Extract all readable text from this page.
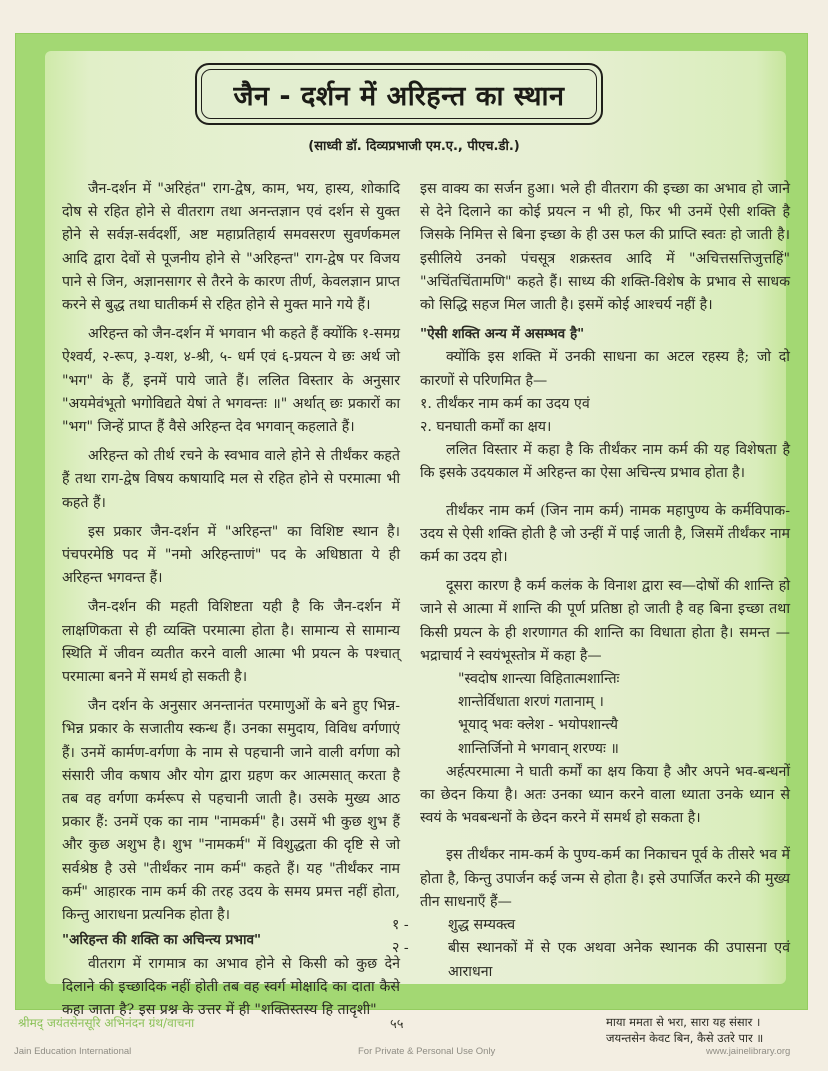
जैन - दर्शन में अरिहन्त का स्थान
(साध्वी डॉ. दिव्यप्रभाजी एम.ए., पीएच.डी.)

जैन-दर्शन में "अरिहंत" राग-द्वेष, काम, भय, हास्य, शोकादि दोष से रहित होने से वीतराग तथा अनन्तज्ञान एवं दर्शन से युक्त होने से सर्वज्ञ-सर्वदर्शी, अष्ट महाप्रतिहार्य समवसरण सुवर्णकमल आदि द्वारा देवों से पूजनीय होने से "अरिहन्त" राग-द्वेष पर विजय पाने से जिन, अज्ञानसागर से तैरने के कारण तीर्ण, केवलज्ञान प्राप्त करने से बुद्ध तथा घातीकर्म से रहित होने से मुक्त माने गये हैं।

अरिहन्त को जैन-दर्शन में भगवान भी कहते हैं क्योंकि १-समग्र ऐश्वर्य, २-रूप, ३-यश, ४-श्री, ५- धर्म एवं ६-प्रयत्न ये छः अर्थ जो "भग" के हैं, इनमें पाये जाते हैं। ललित विस्तार के अनुसार "अयमेवंभूतो भगोविद्यते येषां ते भगवन्तः ॥" अर्थात् छः प्रकारों का "भग" जिन्हें प्राप्त हैं वैसे अरिहन्त देव भगवान् कहलाते हैं।

अरिहन्त को तीर्थ रचने के स्वभाव वाले होने से तीर्थंकर कहते हैं तथा राग-द्वेष विषय कषायादि मल से रहित होने से परमात्मा भी कहते हैं।

इस प्रकार जैन-दर्शन में "अरिहन्त" का विशिष्ट स्थान है। पंचपरमेष्ठि पद में "नमो अरिहन्ताणं" पद के अधिष्ठाता ये ही अरिहन्त भगवन्त हैं।

जैन-दर्शन की महती विशिष्टता यही है कि जैन-दर्शन में लाक्षणिकता से ही व्यक्ति परमात्मा होता है। सामान्य से सामान्य स्थिति में जीवन व्यतीत करने वाली आत्मा भी प्रयत्न के पश्चात् परमात्मा बनने में समर्थ हो सकती है।

जैन दर्शन के अनुसार अनन्तानंत परमाणुओं के बने हुए भिन्न-भिन्न प्रकार के सजातीय स्कन्ध हैं। उनका समुदाय, विविध वर्गणाएं हैं। उनमें कार्मण-वर्गणा के नाम से पहचानी जाने वाली वर्गणा को संसारी जीव कषाय और योग द्वारा ग्रहण कर आत्मसात् करता है तब वह वर्गणा कर्मरूप से पहचानी जाती है। उसके मुख्य आठ प्रकार हैं: उनमें एक का नाम "नामकर्म" है। उसमें भी कुछ शुभ हैं और कुछ अशुभ है। शुभ "नामकर्म" में विशुद्धता की दृष्टि से जो सर्वश्रेष्ठ है उसे "तीर्थंकर नाम कर्म" कहते हैं। यह "तीर्थंकर नाम कर्म" आहारक नाम कर्म की तरह उदय के समय प्रमत्त नहीं होता, किन्तु आराधना प्रत्यनिक होता है।

"अरिहन्त की शक्ति का अचिन्त्य प्रभाव"

वीतराग में रागमात्र का अभाव होने से किसी को कुछ देने दिलाने की इच्छादिक नहीं होती तब वह स्वर्ग मोक्षादि का दाता कैसे कहा जाता है? इस प्रश्न के उत्तर में ही "शक्तिस्तस्य हि तादृशी"

इस वाक्य का सर्जन हुआ। भले ही वीतराग की इच्छा का अभाव हो जाने से देने दिलाने का कोई प्रयत्न न भी हो, फिर भी उनमें ऐसी शक्ति है जिसके निमित्त से बिना इच्छा के ही उस फल की प्राप्ति स्वतः हो जाती है। इसीलिये उनको पंचसूत्र शक्रस्तव आदि में "अचित्तसत्तिजुत्तहिं" "अचिंतचिंतामणि" कहते हैं। साध्य की शक्ति-विशेष के प्रभाव से साधक को सिद्धि सहज मिल जाती है। इसमें कोई आश्चर्य नहीं है।

"ऐसी शक्ति अन्य में असम्भव है"

क्योंकि इस शक्ति में उनकी साधना का अटल रहस्य है; जो दो कारणों से परिणमित है—

१. तीर्थंकर नाम कर्म का उदय एवं

२. घनघाती कर्मों का क्षय।

ललित विस्तार में कहा है कि तीर्थंकर नाम कर्म की यह विशेषता है कि इसके उदयकाल में अरिहन्त का ऐसा अचिन्त्य प्रभाव होता है।

तीर्थंकर नाम कर्म (जिन नाम कर्म) नामक महापुण्य के कर्मविपाक-उदय से ऐसी शक्ति होती है जो उन्हीं में पाई जाती है, जिसमें तीर्थंकर नाम कर्म का उदय हो।

दूसरा कारण है कर्म कलंक के विनाश द्वारा स्व—दोषों की शान्ति हो जाने से आत्मा में शान्ति की पूर्ण प्रतिष्ठा हो जाती है वह बिना इच्छा तथा किसी प्रयत्न के ही शरणागत की शान्ति का विधाता होता है। समन्त — भद्राचार्य ने स्वयंभूस्तोत्र में कहा है—

"स्वदोष शान्त्या विहितात्मशान्तिः

शान्तेर्विधाता शरणं गतानाम् ।

भूयाद् भवः क्लेश - भयोपशान्त्यै

शान्तिर्जिनो मे भगवान् शरण्यः ॥

अर्हत्परमात्मा ने घाती कर्मों का क्षय किया है और अपने भव-बन्धनों का छेदन किया है। अतः उनका ध्यान करने वाला ध्याता उनके ध्यान से स्वयं के भवबन्धनों के छेदन करने में समर्थ हो सकता है।

इस तीर्थंकर नाम-कर्म के पुण्य-कर्म का निकाचन पूर्व के तीसरे भव में होता है, किन्तु उपार्जन कई जन्म से होता है। इसे उपार्जित करने की मुख्य तीन साधनाएँ हैं—

१ -	शुद्ध सम्यक्त्व

२ -	बीस स्थानकों में से एक अथवा अनेक स्थानक की उपासना एवं आराधना

श्रीमद् जयंतसेनसूरि अभिनंदन ग्रंथ/वाचना	५५	माया ममता से भरा, सारा यह संसार ।
जयन्तसेन केवट बिन, कैसे उतरे पार ॥
Jain Education International	For Private & Personal Use Only	www.jainelibrary.org
